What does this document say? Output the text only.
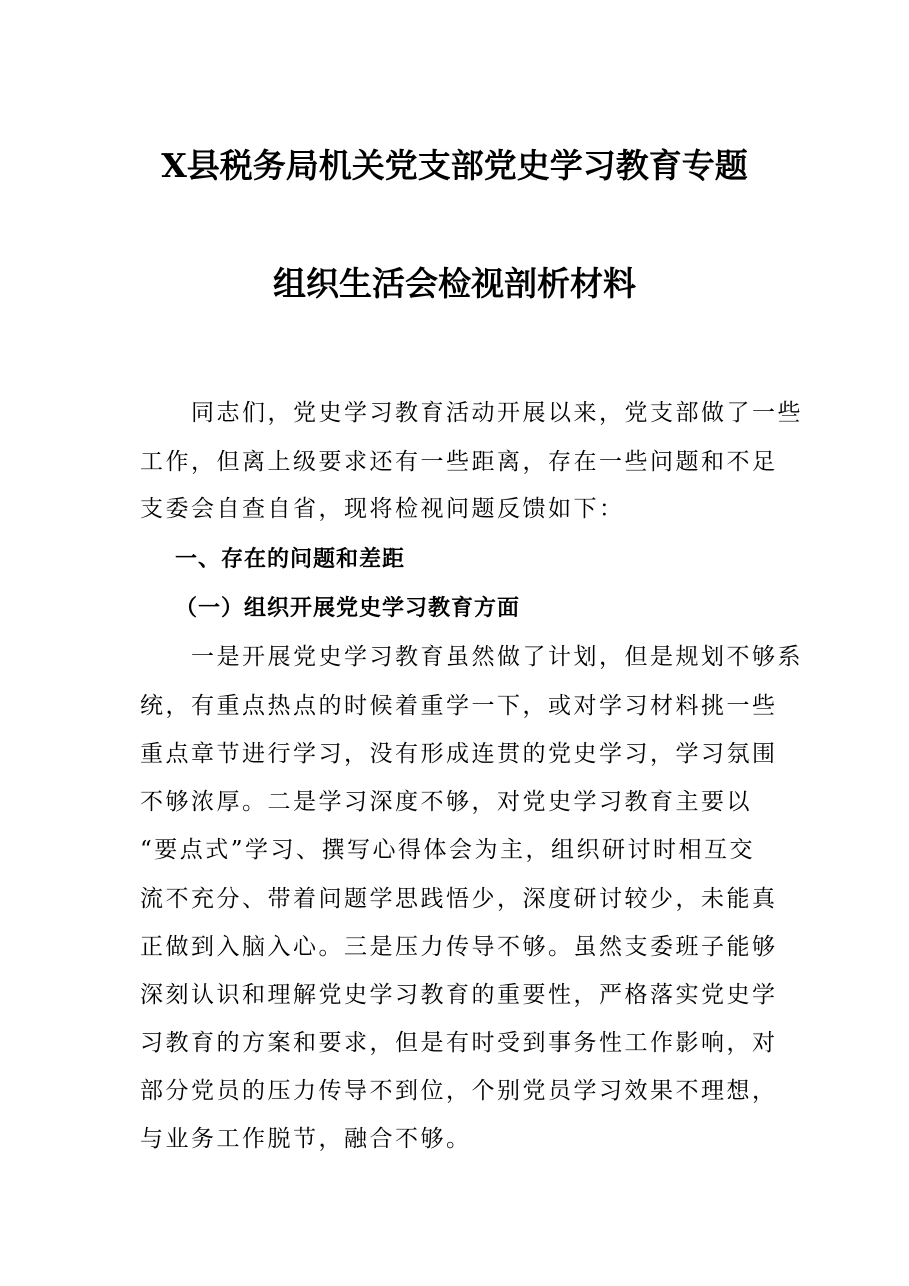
X县税务局机关党支部党史学习教育专题
组织生活会检视剖析材料
　　同志们，党史学习教育活动开展以来，党支部做了一些
工作，但离上级要求还有一些距离，存在一些问题和不足
支委会自查自省，现将检视问题反馈如下：
一、存在的问题和差距
（一）组织开展党史学习教育方面
　　一是开展党史学习教育虽然做了计划，但是规划不够系
统，有重点热点的时候着重学一下，或对学习材料挑一些
重点章节进行学习，没有形成连贯的党史学习，学习氛围
不够浓厚。二是学习深度不够，对党史学习教育主要以
“要点式”学习、撰写心得体会为主，组织研讨时相互交
流不充分、带着问题学思践悟少，深度研讨较少，未能真
正做到入脑入心。三是压力传导不够。虽然支委班子能够
深刻认识和理解党史学习教育的重要性，严格落实党史学
习教育的方案和要求，但是有时受到事务性工作影响，对
部分党员的压力传导不到位，个别党员学习效果不理想，
与业务工作脱节，融合不够。
